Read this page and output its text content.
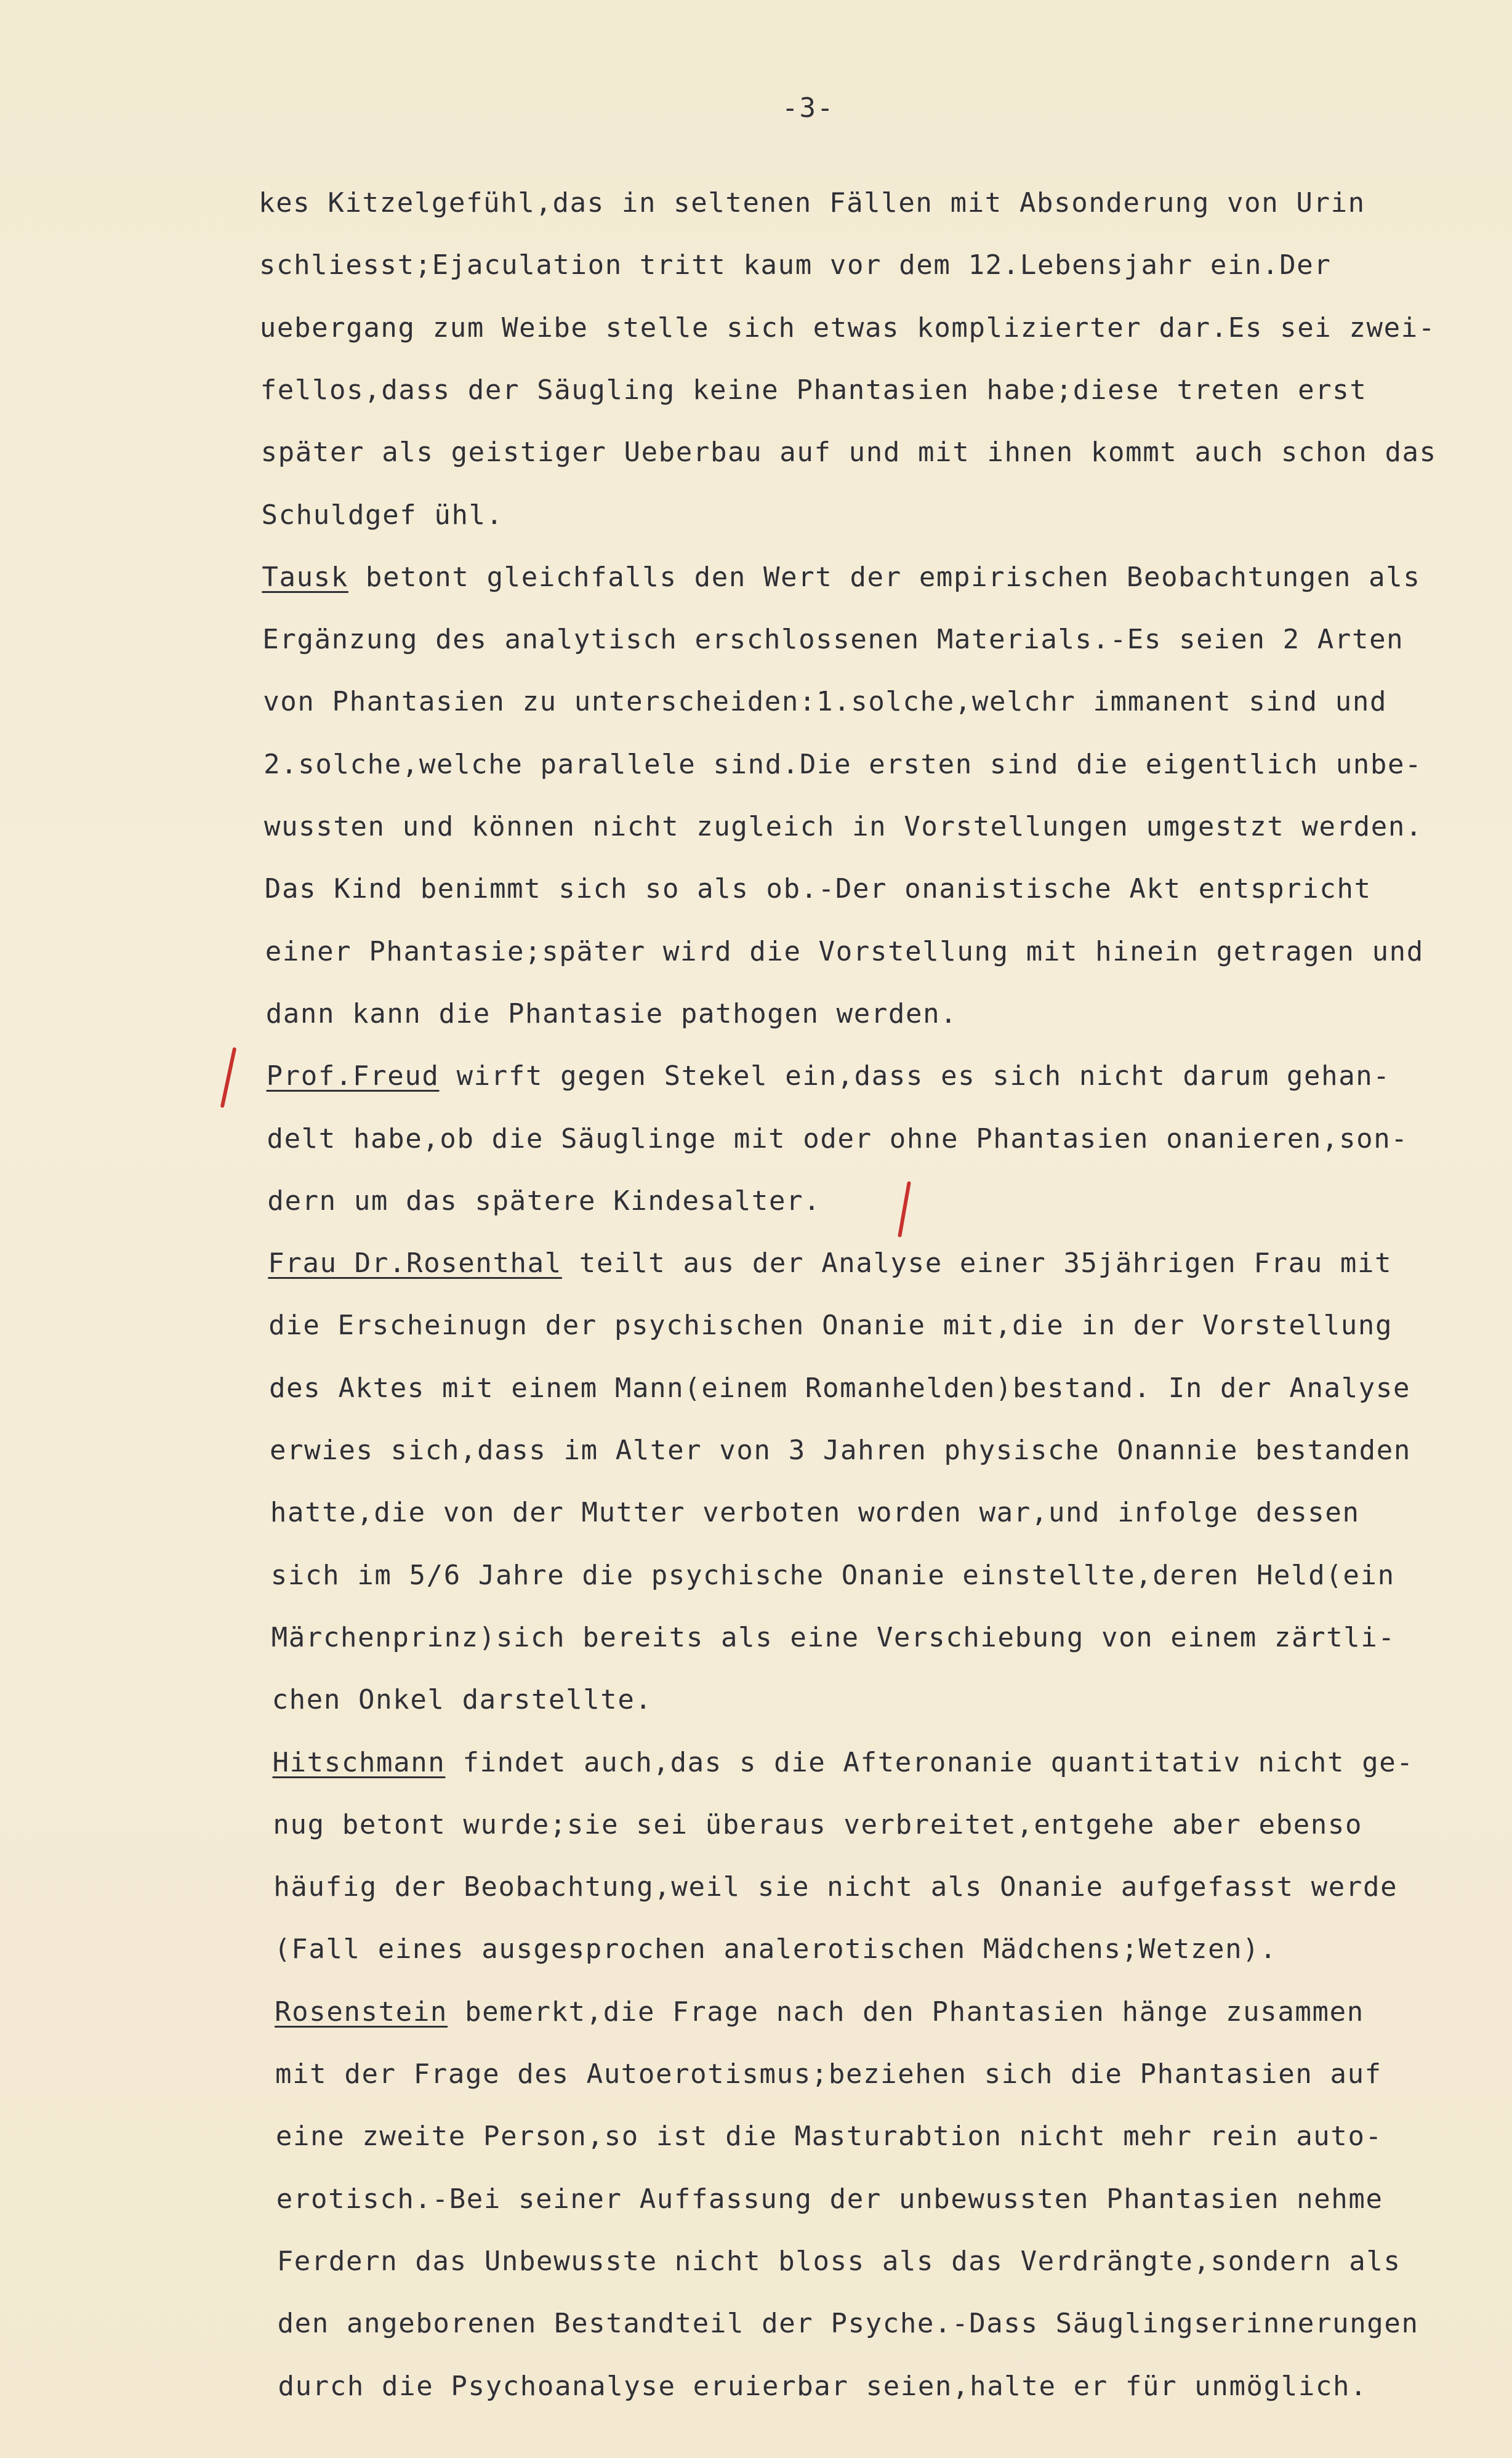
-3-
kes Kitzelgefühl,das in seltenen Fällen mit Absonderung von Urin
schliesst;Ejaculation tritt kaum vor dem 12.Lebensjahr ein.Der
uebergang zum Weibe stelle sich etwas komplizierter dar.Es sei zwei-
fellos,dass der Säugling keine Phantasien habe;diese treten erst
später als geistiger Ueberbau auf und mit ihnen kommt auch schon das
Schuldgef ühl.
Tausk betont gleichfalls den Wert der empirischen Beobachtungen als
Ergänzung des analytisch erschlossenen Materials.-Es seien 2 Arten
von Phantasien zu unterscheiden:1.solche,welchr immanent sind und
2.solche,welche parallele sind.Die ersten sind die eigentlich unbe-
wussten und können nicht zugleich in Vorstellungen umgestzt werden.
Das Kind benimmt sich so als ob.-Der onanistische Akt entspricht
einer Phantasie;später wird die Vorstellung mit hinein getragen und
dann kann die Phantasie pathogen werden.
Prof.Freud wirft gegen Stekel ein,dass es sich nicht darum gehan-
delt habe,ob die Säuglinge mit oder ohne Phantasien onanieren,son-
dern um das spätere Kindesalter.
Frau Dr.Rosenthal teilt aus der Analyse einer 35jährigen Frau mit
die Erscheinugn der psychischen Onanie mit,die in der Vorstellung
des Aktes mit einem Mann(einem Romanhelden)bestand. In der Analyse
erwies sich,dass im Alter von 3 Jahren physische Onannie bestanden
hatte,die von der Mutter verboten worden war,und infolge dessen
sich im 5/6 Jahre die psychische Onanie einstellte,deren Held(ein
Märchenprinz)sich bereits als eine Verschiebung von einem zärtli-
chen Onkel darstellte.
Hitschmann findet auch,das s die Afteronanie quantitativ nicht ge-
nug betont wurde;sie sei überaus verbreitet,entgehe aber ebenso
häufig der Beobachtung,weil sie nicht als Onanie aufgefasst werde
(Fall eines ausgesprochen analerotischen Mädchens;Wetzen).
Rosenstein bemerkt,die Frage nach den Phantasien hänge zusammen
mit der Frage des Autoerotismus;beziehen sich die Phantasien auf
eine zweite Person,so ist die Masturabtion nicht mehr rein auto-
erotisch.-Bei seiner Auffassung der unbewussten Phantasien nehme
Ferdern das Unbewusste nicht bloss als das Verdrängte,sondern als
den angeborenen Bestandteil der Psyche.-Dass Säuglingserinnerungen
durch die Psychoanalyse eruierbar seien,halte er für unmöglich.
